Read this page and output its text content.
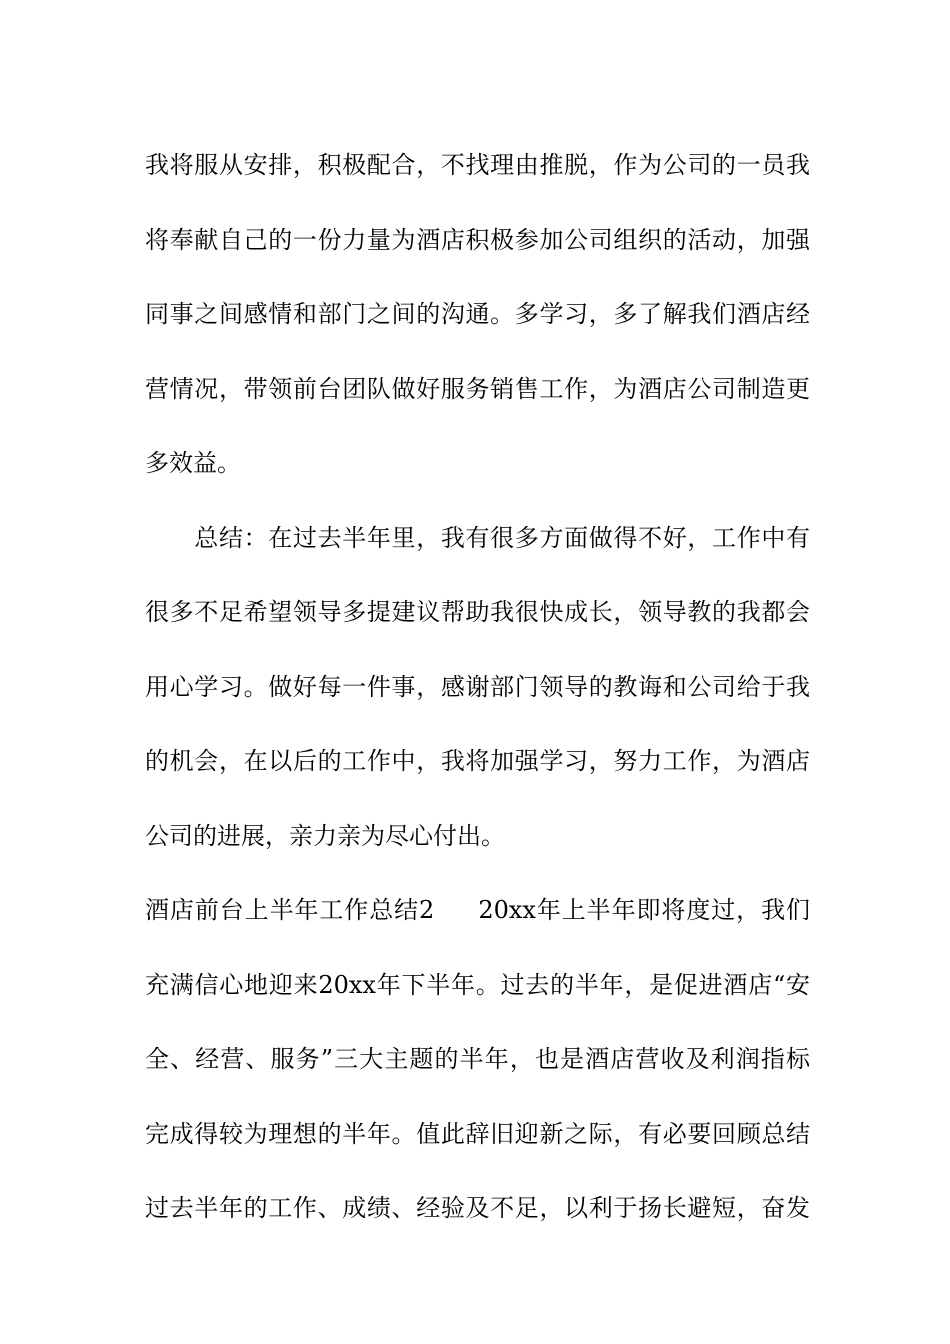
我将服从安排，积极配合，不找理由推脱，作为公司的一员我
将奉献自己的一份力量为酒店积极参加公司组织的活动，加强
同事之间感情和部门之间的沟通。多学习，多了解我们酒店经
营情况，带领前台团队做好服务销售工作，为酒店公司制造更
多效益。
　　总结：在过去半年里，我有很多方面做得不好，工作中有
很多不足希望领导多提建议帮助我很快成长，领导教的我都会
用心学习。做好每一件事，感谢部门领导的教诲和公司给于我
的机会，在以后的工作中，我将加强学习，努力工作，为酒店
公司的进展，亲力亲为尽心付出。
酒店前台上半年工作总结2 20xx年上半年即将度过，我们
充满信心地迎来20xx年下半年。过去的半年，是促进酒店“安
全、经营、服务”三大主题的半年，也是酒店营收及利润指标
完成得较为理想的半年。值此辞旧迎新之际，有必要回顾总结
过去半年的工作、成绩、经验及不足，以利于扬长避短，奋发
